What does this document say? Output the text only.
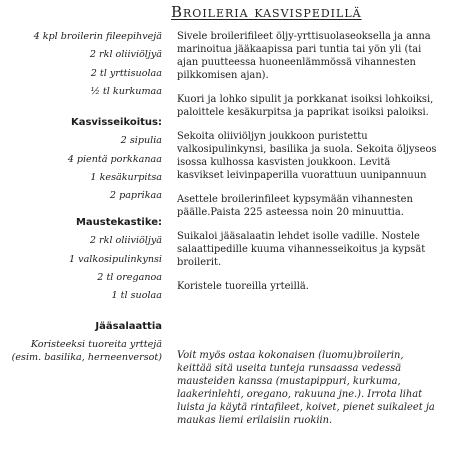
Broileria kasvispedillä
4 kpl broilerin fileepihvejä
2 rkl oliiviöljyä
2 tl yrttisuolaa
½ tl kurkumaa
Kasvisseikoitus:
2 sipulia
4 pientä porkkanaa
1 kesäkurpitsa
2 paprikaa
Maustekastike:
2 rkl oliiviöljyä
1 valkosipulinkynsi
2 tl oreganoa
1 tl suolaa
Jääsalaattia
Koristeeksi tuoreita yrttejä (esim. basilika, herneenversot)

Sivele broilerifileet öljy-yrttisuolaseoksella ja anna marinoitua jääkaapissa pari tuntia tai yön yli (tai ajan puutteessa huoneenlämmössä vihannesten pilkkomisen ajan).

Kuori ja lohko sipulit ja porkkanat isoiksi lohkoiksi, paloittele kesäkurpitsa ja paprikat isoiksi paloiksi.

Sekoita oliiviöljyn joukkoon puristettu valkosipulinkynsi, basilika ja suola. Sekoita öljyseos isossa kulhossa kasvisten joukkoon. Levitä kasvikset leivinpaperilla vuorattuun uunipannuun

Asettele broilerinfileet kypsymään vihannesten päälle.Paista 225 asteessa noin 20 minuuttia.

Suikaloi jääsalaatin lehdet isolle vadille. Nostele salaattipedille kuuma vihannesseikoitus ja kypsät broilerit.

Koristele tuoreilla yrteillä.

Voit myös ostaa kokonaisen (luomu)broilerin, keittää sitä useita tunteja runsaassa vedessä mausteiden kanssa (mustapippuri, kurkuma, laakerinlehti, oregano, rakuuna jne.). Irrota lihat luista ja käytä rintafileet, koivet, pienet suikaleet ja maukas liemi erilaisiin ruokiin.
